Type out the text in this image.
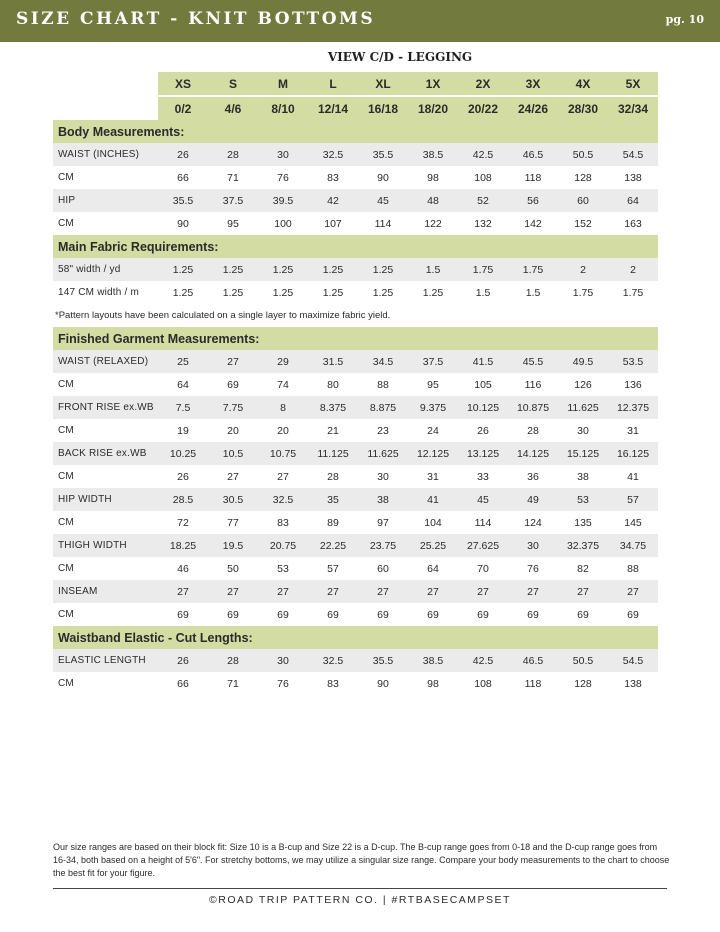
SIZE CHART - KNIT BOTTOMS	pg. 10
VIEW C/D - LEGGING
	XS	S	M	L	XL	1X	2X	3X	4X	5X
	0/2	4/6	8/10	12/14	16/18	18/20	20/22	24/26	28/30	32/34
Body Measurements:										
WAIST (INCHES)	26	28	30	32.5	35.5	38.5	42.5	46.5	50.5	54.5
CM	66	71	76	83	90	98	108	118	128	138
HIP	35.5	37.5	39.5	42	45	48	52	56	60	64
CM	90	95	100	107	114	122	132	142	152	163
Main Fabric Requirements:										
58" width / yd	1.25	1.25	1.25	1.25	1.25	1.5	1.75	1.75	2	2
147 CM width / m	1.25	1.25	1.25	1.25	1.25	1.25	1.5	1.5	1.75	1.75
*Pattern layouts have been calculated on a single layer to maximize fabric yield.										
Finished Garment Measurements:										
WAIST (RELAXED)	25	27	29	31.5	34.5	37.5	41.5	45.5	49.5	53.5
CM	64	69	74	80	88	95	105	116	126	136
FRONT RISE ex.WB	7.5	7.75	8	8.375	8.875	9.375	10.125	10.875	11.625	12.375
CM	19	20	20	21	23	24	26	28	30	31
BACK RISE ex.WB	10.25	10.5	10.75	11.125	11.625	12.125	13.125	14.125	15.125	16.125
CM	26	27	27	28	30	31	33	36	38	41
HIP WIDTH	28.5	30.5	32.5	35	38	41	45	49	53	57
CM	72	77	83	89	97	104	114	124	135	145
THIGH WIDTH	18.25	19.5	20.75	22.25	23.75	25.25	27.625	30	32.375	34.75
CM	46	50	53	57	60	64	70	76	82	88
INSEAM	27	27	27	27	27	27	27	27	27	27
CM	69	69	69	69	69	69	69	69	69	69
Waistband Elastic - Cut Lengths:										
ELASTIC LENGTH	26	28	30	32.5	35.5	38.5	42.5	46.5	50.5	54.5
CM	66	71	76	83	90	98	108	118	128	138
Our size ranges are based on their block fit: Size 10 is a B-cup and Size 22 is a D-cup. The B-cup range goes from 0-18 and the D-cup range goes from 16-34, both based on a height of 5'6". For stretchy bottoms, we may utilize a singular size range. Compare your body measurements to the chart to choose the best fit for your figure.
©ROAD TRIP PATTERN CO. | #RTBASECAMPSET
